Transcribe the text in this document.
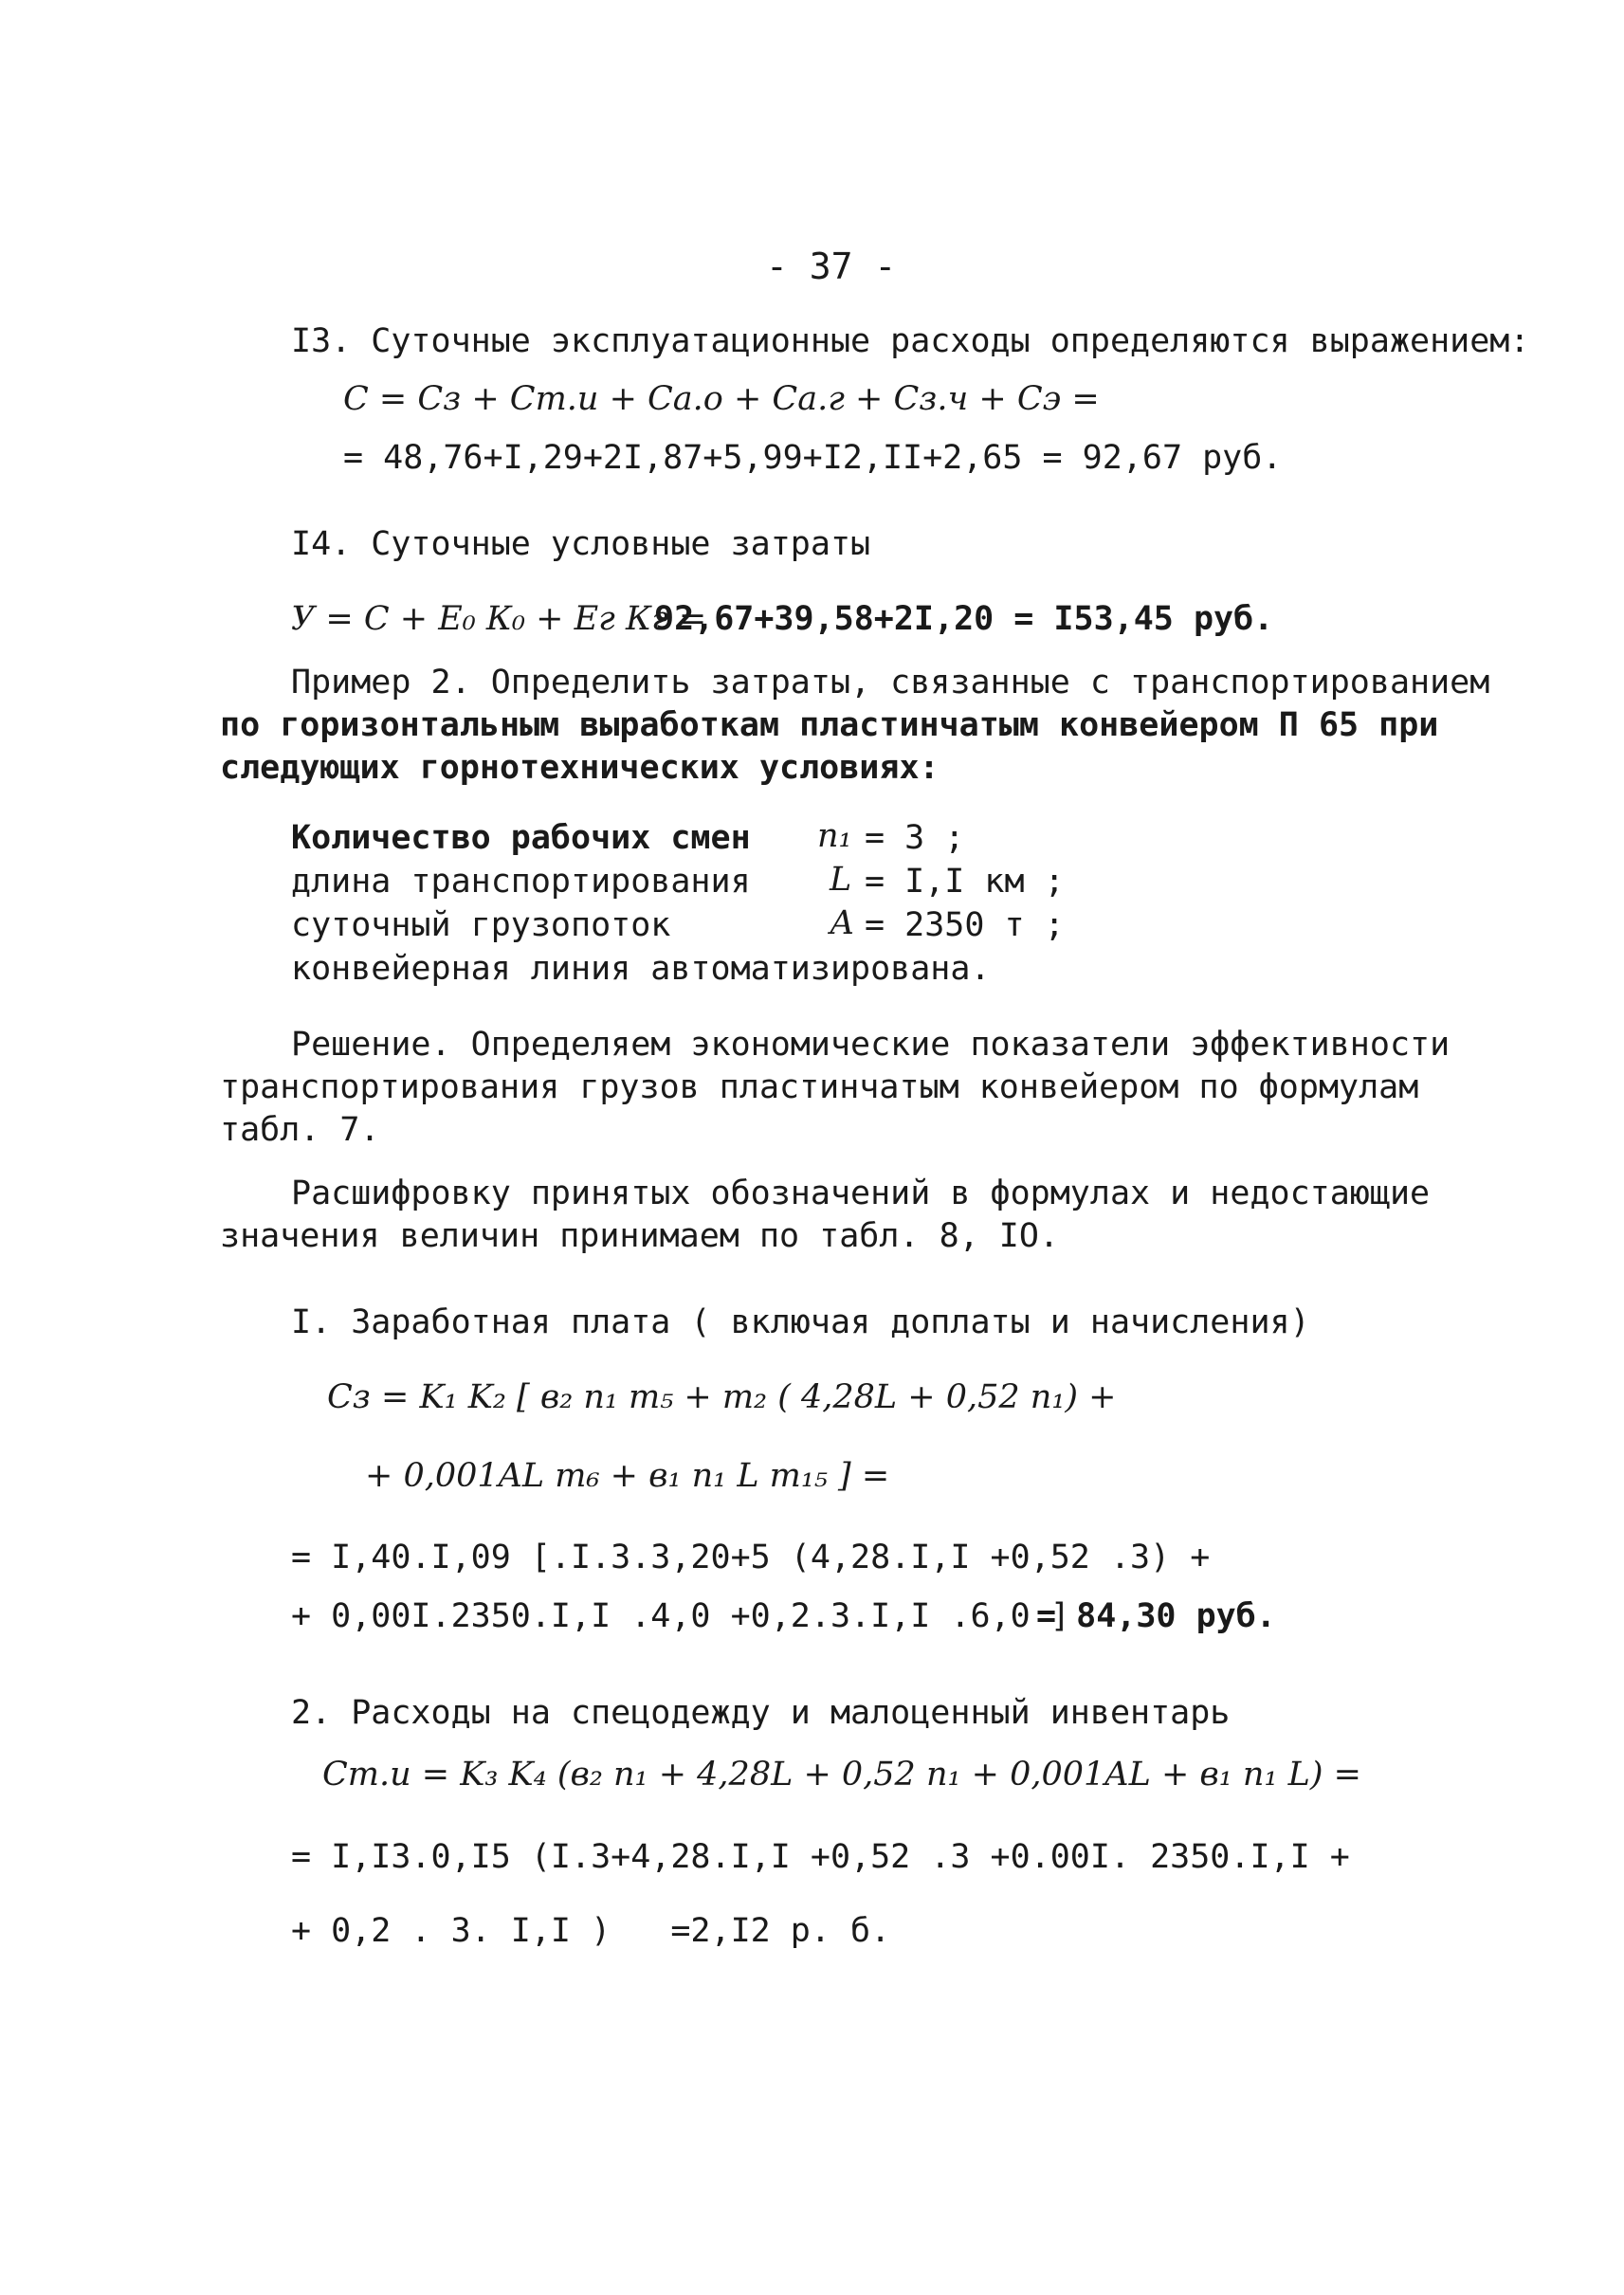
- 37 -
I3. Суточные эксплуатационные расходы определяются выражением:
С = Cз + Cm.и + Cа.о + Cа.г + Cз.ч + Cэ =
= 48,76+I,29+2I,87+5,99+I2,II+2,65 = 92,67 руб.
I4. Суточные условные затраты
У = С + Е₀ К₀ + Ег Кг =
92,67+39,58+2I,20 = I53,45 руб.
Пример 2. Определить затраты, связанные с транспортированием
по горизонтальным выработкам пластинчатым конвейером П 65 при
следующих горнотехнических условиях:
Количество рабочих смен n₁ = 3 ;
длина транспортирования L = I,I км ;
суточный грузопоток	А = 2350 т ;
конвейерная линия автоматизирована.
Решение. Определяем экономические показатели эффективности
транспортирования грузов пластинчатым конвейером по формулам
табл. 7.
Расшифровку принятых обозначений в формулах и недостающие
значения величин принимаем по табл. 8, IO.
I. Заработная плата ( включая доплаты и начисления)
Cз = K₁ K₂ [ в₂ n₁ m₅ + m₂ ( 4,28L + 0,52 n₁) +
+ 0,001AL m₆ + в₁ n₁ L m₁₅ ] =
= I,40.I,09 [.I.3.3,20+5 (4,28.I,I +0,52 .3) +
+ 0,00I.2350.I,I .4,0 +0,2.3.I,I .6,0 ]
= 84,30 руб.
2. Расходы на спецодежду и малоценный инвентарь
Cm.и = K₃ K₄ (в₂ n₁ + 4,28L + 0,52 n₁ + 0,001AL + в₁ n₁ L) =
= I,I3.0,I5 (I.3+4,28.I,I +0,52 .3 +0.00I. 2350.I,I +
+ 0,2 . 3. I,I )   =2,I2 р. б.
